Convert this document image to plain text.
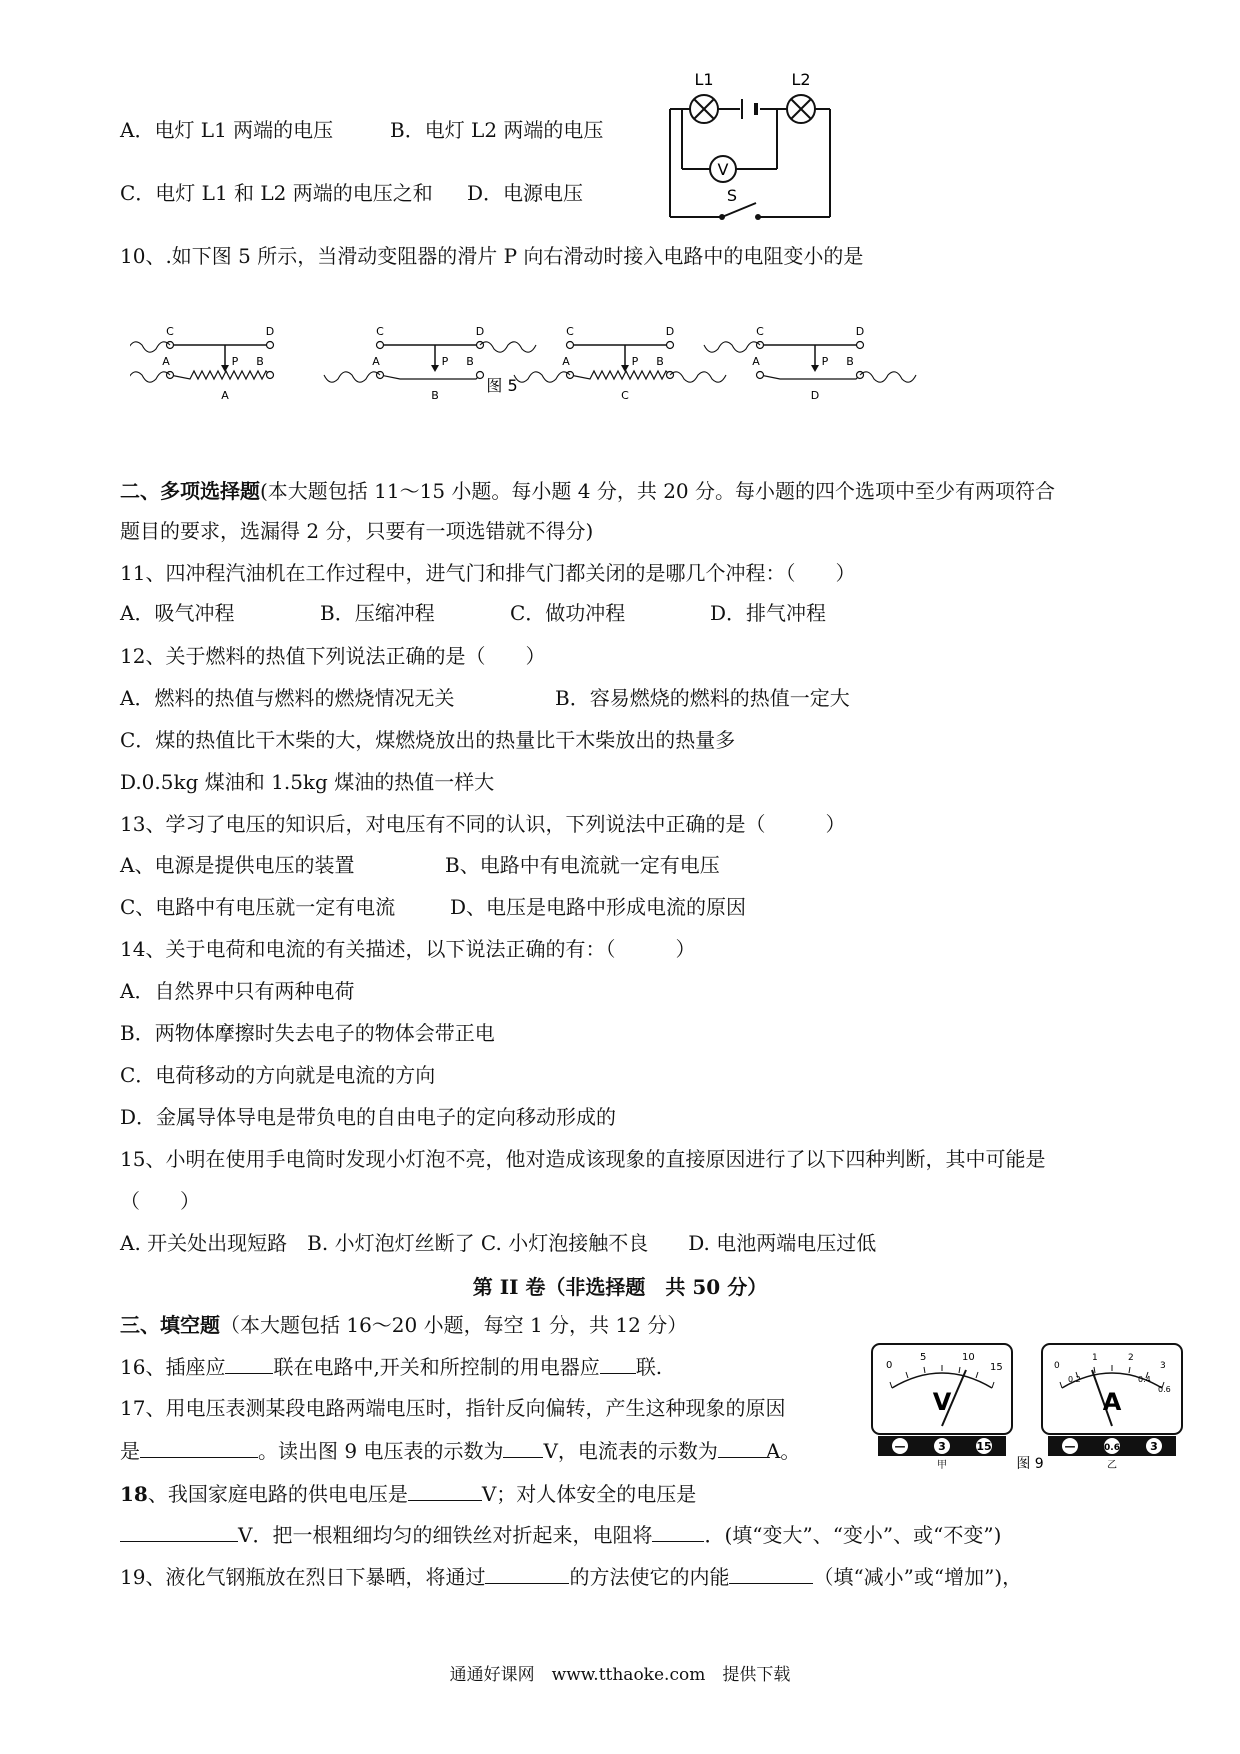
A．电灯 L1 两端的电压	B．电灯 L2 两端的电压
C．电灯 L1 和 L2 两端的电压之和 D．电源电压
V
L1	L2
S
10、.如下图 5 所示，当滑动变阻器的滑片 P 向右滑动时接入电路中的电阻变小的是
C	D
A	B
P
A
C	D
A	B
P
B
C	D
A	B
P
C
C	D
A	B
P
D
图 5
二、多项选择题(本大题包括 11～15 小题。每小题 4 分，共 20 分。每小题的四个选项中至少有两项符合
题目的要求，选漏得 2 分，只要有一项选错就不得分)
11、四冲程汽油机在工作过程中，进气门和排气门都关闭的是哪几个冲程：（　　）
A．吸气冲程	B．压缩冲程	C．做功冲程	D．排气冲程
12、关于燃料的热值下列说法正确的是（　　）
A．燃料的热值与燃料的燃烧情况无关	B．容易燃烧的燃料的热值一定大
C．煤的热值比干木柴的大，煤燃烧放出的热量比干木柴放出的热量多
D.0.5kg 煤油和 1.5kg 煤油的热值一样大
13、学习了电压的知识后，对电压有不同的认识，下列说法中正确的是（　　　）
A、电源是提供电压的装置	B、电路中有电流就一定有电压
C、电路中有电压就一定有电流	D、电压是电路中形成电流的原因
14、关于电荷和电流的有关描述，以下说法正确的有：（　　　）
A．自然界中只有两种电荷
B．两物体摩擦时失去电子的物体会带正电
C．电荷移动的方向就是电流的方向
D．金属导体导电是带负电的自由电子的定向移动形成的
15、小明在使用手电筒时发现小灯泡不亮，他对造成该现象的直接原因进行了以下四种判断，其中可能是
（　　）
A. 开关处出现短路　B. 小灯泡灯丝断了 C. 小灯泡接触不良　　D. 电池两端电压过低
第 II 卷（非选择题　共 50 分）
三、填空题（本大题包括 16～20 小题，每空 1 分，共 12 分）
16、插座应 联在电路中,开关和所控制的用电器应 联.
17、用电压表测某段电路两端电压时，指针反向偏转，产生这种现象的原因
是	。读出图 9 电压表的示数为 V，电流表的示数为 A。
18、我国家庭电路的供电电压是	V；对人体安全的电压是
V．把一根粗细均匀的细铁丝对折起来，电阻将	．(填“变大”、“变小”、或“不变”)
19、液化气钢瓶放在烈日下暴晒，将通过	的方法使它的内能	（填“减小”或“增加”)，
V
0
5	10
15
—	3	15
甲
A
0
0.2	0.4
0.6
1	2
3
—	0.6	3
乙
图 9
通通好课网　www.tthaoke.com　提供下载
